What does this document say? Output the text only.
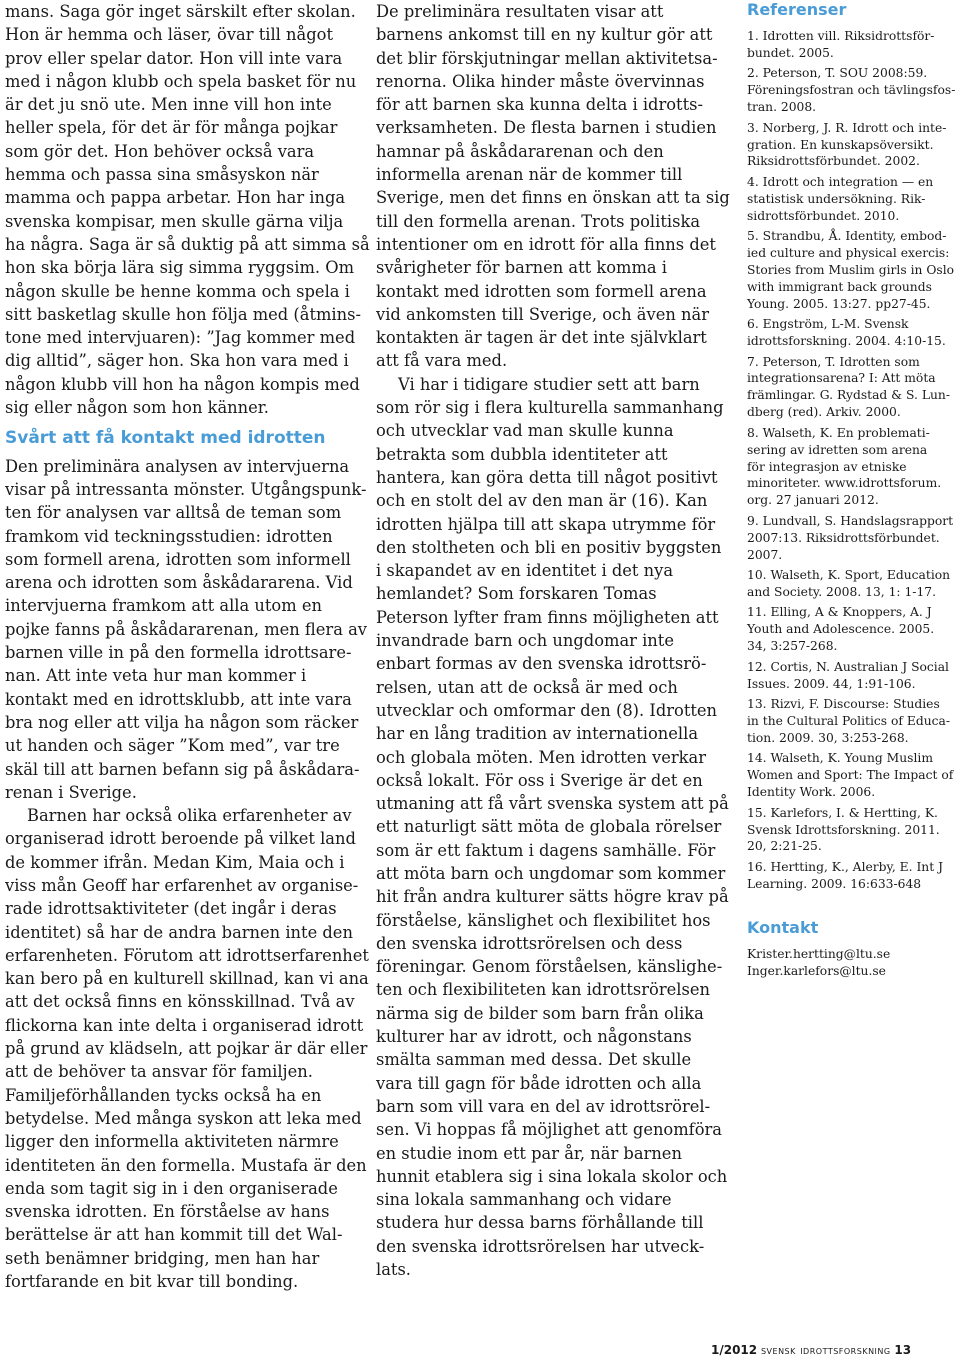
mans. Saga gör inget särskilt efter skolan.
Hon är hemma och läser, övar till något
prov eller spelar dator. Hon vill inte vara
med i någon klubb och spela basket för nu
är det ju snö ute. Men inne vill hon inte
heller spela, för det är för många pojkar
som gör det. Hon behöver också vara
hemma och passa sina småsyskon när
mamma och pappa arbetar. Hon har inga
svenska kompisar, men skulle gärna vilja
ha några. Saga är så duktig på att simma så
hon ska börja lära sig simma ryggsim. Om
någon skulle be henne komma och spela i
sitt basketlag skulle hon följa med (åtmins-
tone med intervjuaren): ”Jag kommer med
dig alltid”, säger hon. Ska hon vara med i
någon klubb vill hon ha någon kompis med
sig eller någon som hon känner.
Svårt att få kontakt med idrotten
Den preliminära analysen av intervjuerna
visar på intressanta mönster. Utgångspunk-
ten för analysen var alltså de teman som
framkom vid teckningsstudien: idrotten
som formell arena, idrotten som informell
arena och idrotten som åskådararena. Vid
intervjuerna framkom att alla utom en
pojke fanns på åskådararenan, men flera av
barnen ville in på den formella idrottsare-
nan. Att inte veta hur man kommer i
kontakt med en idrottsklubb, att inte vara
bra nog eller att vilja ha någon som räcker
ut handen och säger ”Kom med”, var tre
skäl till att barnen befann sig på åskådara-
renan i Sverige.
Barnen har också olika erfarenheter av
organiserad idrott beroende på vilket land
de kommer ifrån. Medan Kim, Maia och i
viss mån Geoff har erfarenhet av organise-
rade idrottsaktiviteter (det ingår i deras
identitet) så har de andra barnen inte den
erfarenheten. Förutom att idrottserfarenhet
kan bero på en kulturell skillnad, kan vi ana
att det också finns en könsskillnad. Två av
flickorna kan inte delta i organiserad idrott
på grund av klädseln, att pojkar är där eller
att de behöver ta ansvar för familjen.
Familjeförhållanden tycks också ha en
betydelse. Med många syskon att leka med
ligger den informella aktiviteten närmre
identiteten än den formella. Mustafa är den
enda som tagit sig in i den organiserade
svenska idrotten. En förståelse av hans
berättelse är att han kommit till det Wal-
seth benämner bridging, men han har
fortfarande en bit kvar till bonding.
De preliminära resultaten visar att
barnens ankomst till en ny kultur gör att
det blir förskjutningar mellan aktivitetsa-
renorna. Olika hinder måste övervinnas
för att barnen ska kunna delta i idrotts-
verksamheten. De flesta barnen i studien
hamnar på åskådararenan och den
informella arenan när de kommer till
Sverige, men det finns en önskan att ta sig
till den formella arenan. Trots politiska
intentioner om en idrott för alla finns det
svårigheter för barnen att komma i
kontakt med idrotten som formell arena
vid ankomsten till Sverige, och även när
kontakten är tagen är det inte självklart
att få vara med.
Vi har i tidigare studier sett att barn
som rör sig i flera kulturella sammanhang
och utvecklar vad man skulle kunna
betrakta som dubbla identiteter att
hantera, kan göra detta till något positivt
och en stolt del av den man är (16). Kan
idrotten hjälpa till att skapa utrymme för
den stoltheten och bli en positiv byggsten
i skapandet av en identitet i det nya
hemlandet? Som forskaren Tomas
Peterson lyfter fram finns möjligheten att
invandrade barn och ungdomar inte
enbart formas av den svenska idrottsrö-
relsen, utan att de också är med och
utvecklar och omformar den (8). Idrotten
har en lång tradition av internationella
och globala möten. Men idrotten verkar
också lokalt. För oss i Sverige är det en
utmaning att få vårt svenska system att på
ett naturligt sätt möta de globala rörelser
som är ett faktum i dagens samhälle. För
att möta barn och ungdomar som kommer
hit från andra kulturer sätts högre krav på
förståelse, känslighet och flexibilitet hos
den svenska idrottsrörelsen och dess
föreningar. Genom förståelsen, känslighe-
ten och flexibiliteten kan idrottsrörelsen
närma sig de bilder som barn från olika
kulturer har av idrott, och någonstans
smälta samman med dessa. Det skulle
vara till gagn för både idrotten och alla
barn som vill vara en del av idrottsrörel-
sen. Vi hoppas få möjlighet att genomföra
en studie inom ett par år, när barnen
hunnit etablera sig i sina lokala skolor och
sina lokala sammanhang och vidare
studera hur dessa barns förhållande till
den svenska idrottsrörelsen har utveck-
lats.
Referenser
1. Idrotten vill. Riksidrottsför-
bundet. 2005.
2. Peterson, T. SOU 2008:59.
Föreningsfostran och tävlingsfos-
tran. 2008.
3. Norberg, J. R. Idrott och inte-
gration. En kunskapsöversikt.
Riksidrottsförbundet. 2002.
4. Idrott och integration — en
statistisk undersökning. Rik-
sidrottsförbundet. 2010.
5. Strandbu, Å. Identity, embod-
ied culture and physical exercis:
Stories from Muslim girls in Oslo
with immigrant back grounds
Young. 2005. 13:27. pp27-45.
6. Engström, L-M. Svensk
idrottsforskning. 2004. 4:10-15.
7. Peterson, T. Idrotten som
integrationsarena? I: Att möta
främlingar. G. Rydstad & S. Lun-
dberg (red). Arkiv. 2000.
8. Walseth, K. En problemati-
sering av idretten som arena
för integrasjon av etniske
minoriteter. www.idrottsforum.
org. 27 januari 2012.
9. Lundvall, S. Handslagsrapport
2007:13. Riksidrottsförbundet.
2007.
10. Walseth, K. Sport, Education
and Society. 2008. 13, 1: 1-17.
11. Elling, A & Knoppers, A. J
Youth and Adolescence. 2005.
34, 3:257-268.
12. Cortis, N. Australian J Social
Issues. 2009. 44, 1:91-106.
13. Rizvi, F. Discourse: Studies
in the Cultural Politics of Educa-
tion. 2009. 30, 3:253-268.
14. Walseth, K. Young Muslim
Women and Sport: The Impact of
Identity Work. 2006.
15. Karlefors, I. & Hertting, K.
Svensk Idrottsforskning. 2011.
20, 2:21-25.
16. Hertting, K., Alerby, E. Int J
Learning. 2009. 16:633-648
Kontakt
Krister.hertting@ltu.se
Inger.karlefors@ltu.se
1/2012 svensk idrottsforskning 13
